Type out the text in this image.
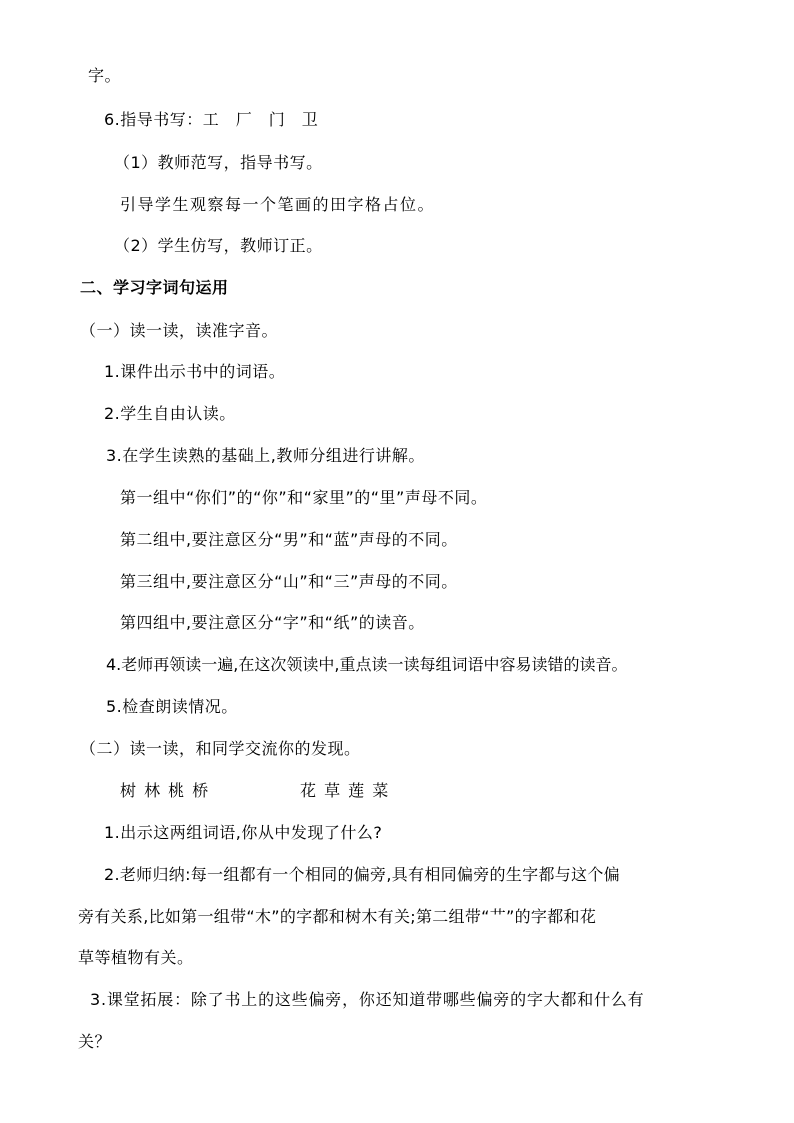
字。
6.指导书写：工　厂　门　卫
（1）教师范写，指导书写。
引导学生观察每一个笔画的田字格占位。
（2）学生仿写，教师订正。
二、学习字词句运用
（一）读一读，读准字音。
1.课件出示书中的词语。
2.学生自由认读。
3.在学生读熟的基础上,教师分组进行讲解。
第一组中“你们”的“你”和“家里”的“里”声母不同。
第二组中,要注意区分“男”和“蓝”声母的不同。
第三组中,要注意区分“山”和“三”声母的不同。
第四组中,要注意区分“字”和“纸”的读音。
4.老师再领读一遍,在这次领读中,重点读一读每组词语中容易读错的读音。
5.检查朗读情况。
（二）读一读，和同学交流你的发现。
树 林 桃 桥	花 草 莲 菜
1.出示这两组词语,你从中发现了什么?
2.老师归纳:每一组都有一个相同的偏旁,具有相同偏旁的生字都与这个偏
旁有关系,比如第一组带“木”的字都和树木有关;第二组带“艹”的字都和花
草等植物有关。
3.课堂拓展：除了书上的这些偏旁，你还知道带哪些偏旁的字大都和什么有
关？
